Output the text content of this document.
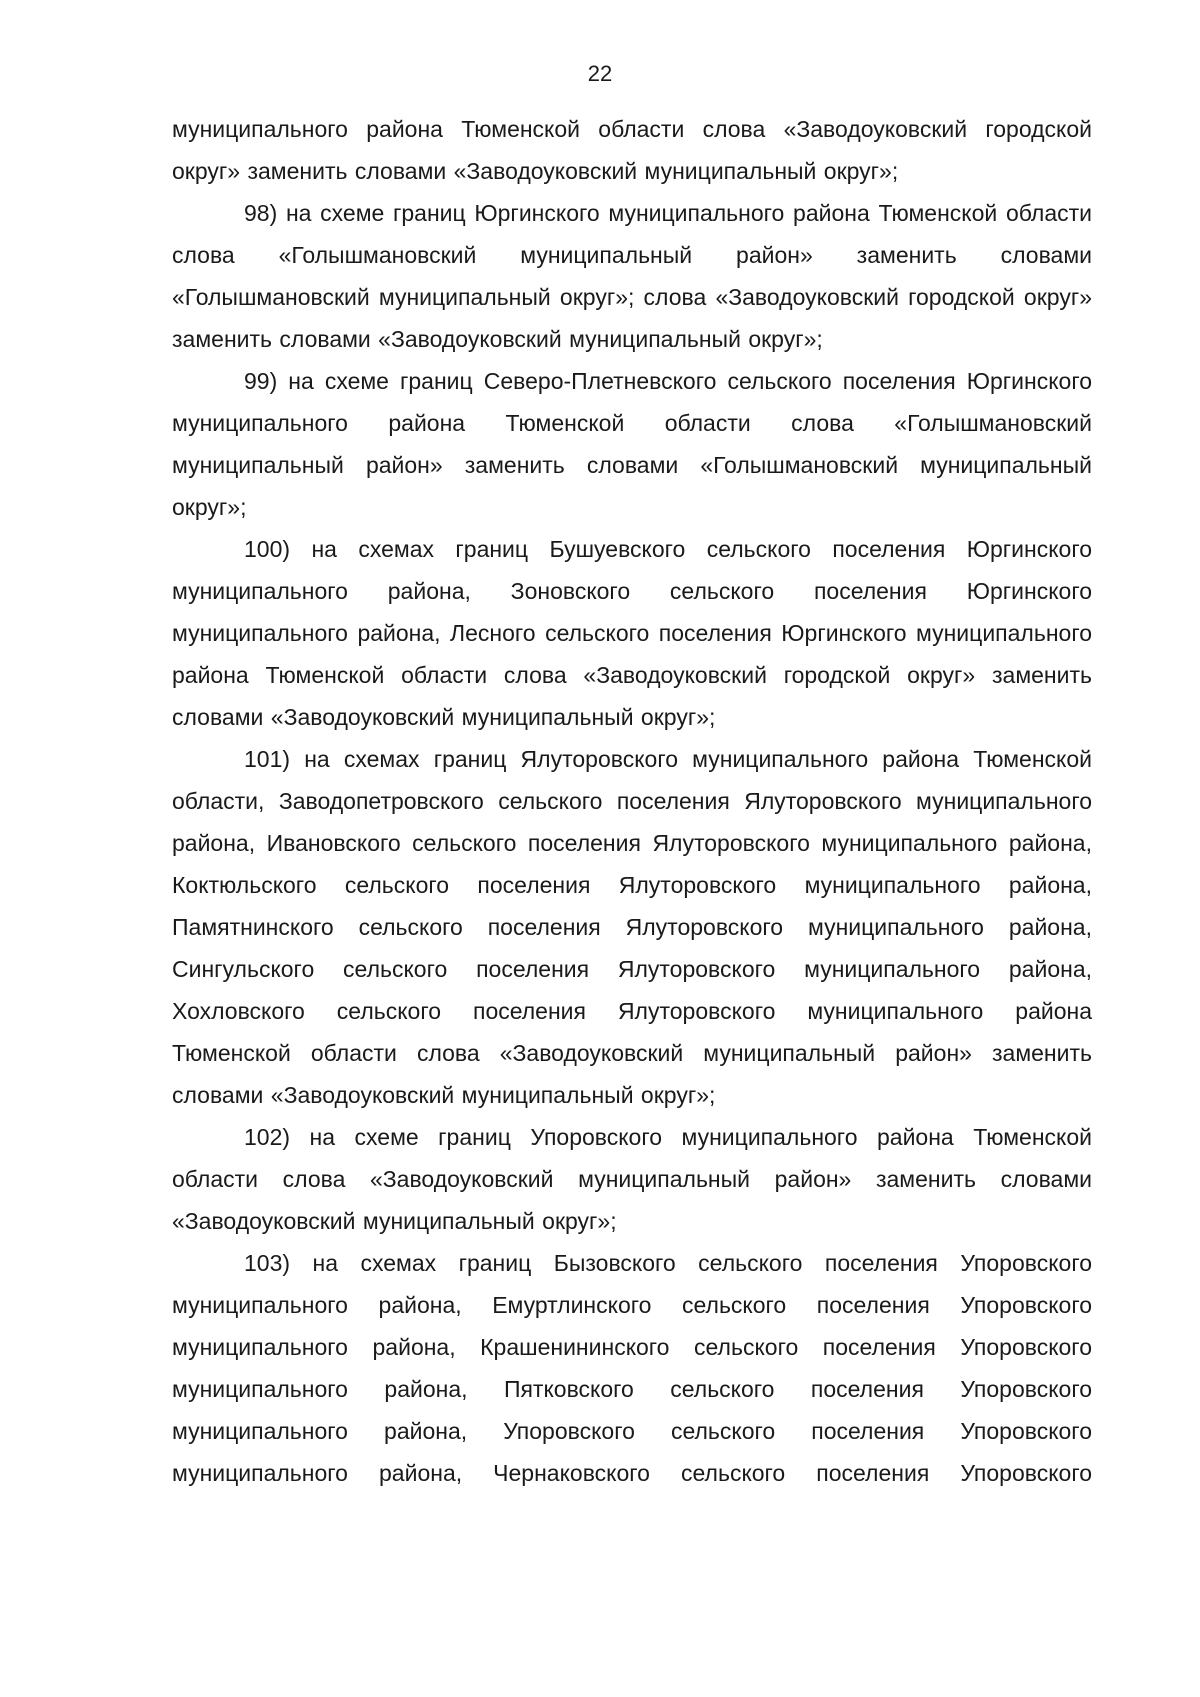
22

муниципального района Тюменской области слова «Заводоуковский городской округ» заменить словами «Заводоуковский муниципальный округ»;

98) на схеме границ Юргинского муниципального района Тюменской области слова «Голышмановский муниципальный район» заменить словами «Голышмановский муниципальный округ»; слова «Заводоуковский городской округ» заменить словами «Заводоуковский муниципальный округ»;

99) на схеме границ Северо-Плетневского сельского поселения Юргинского муниципального района Тюменской области слова «Голышмановский муниципальный район» заменить словами «Голышмановский муниципальный округ»;

100) на схемах границ Бушуевского сельского поселения Юргинского муниципального района, Зоновского сельского поселения Юргинского муниципального района, Лесного сельского поселения Юргинского муниципального района Тюменской области слова «Заводоуковский городской округ» заменить словами «Заводоуковский муниципальный округ»;

101) на схемах границ Ялуторовского муниципального района Тюменской области, Заводопетровского сельского поселения Ялуторовского муниципального района, Ивановского сельского поселения Ялуторовского муниципального района, Коктюльского сельского поселения Ялуторовского муниципального района, Памятнинского сельского поселения Ялуторовского муниципального района, Сингульского сельского поселения Ялуторовского муниципального района, Хохловского сельского поселения Ялуторовского муниципального района Тюменской области слова «Заводоуковский муниципальный район» заменить словами «Заводоуковский муниципальный округ»;

102) на схеме границ Упоровского муниципального района Тюменской области слова «Заводоуковский муниципальный район» заменить словами «Заводоуковский муниципальный округ»;

103) на схемах границ Бызовского сельского поселения Упоровского муниципального района, Емуртлинского сельского поселения Упоровского муниципального района, Крашенининского сельского поселения Упоровского муниципального района, Пятковского сельского поселения Упоровского муниципального района, Упоровского сельского поселения Упоровского муниципального района, Чернаковского сельского поселения Упоровского
